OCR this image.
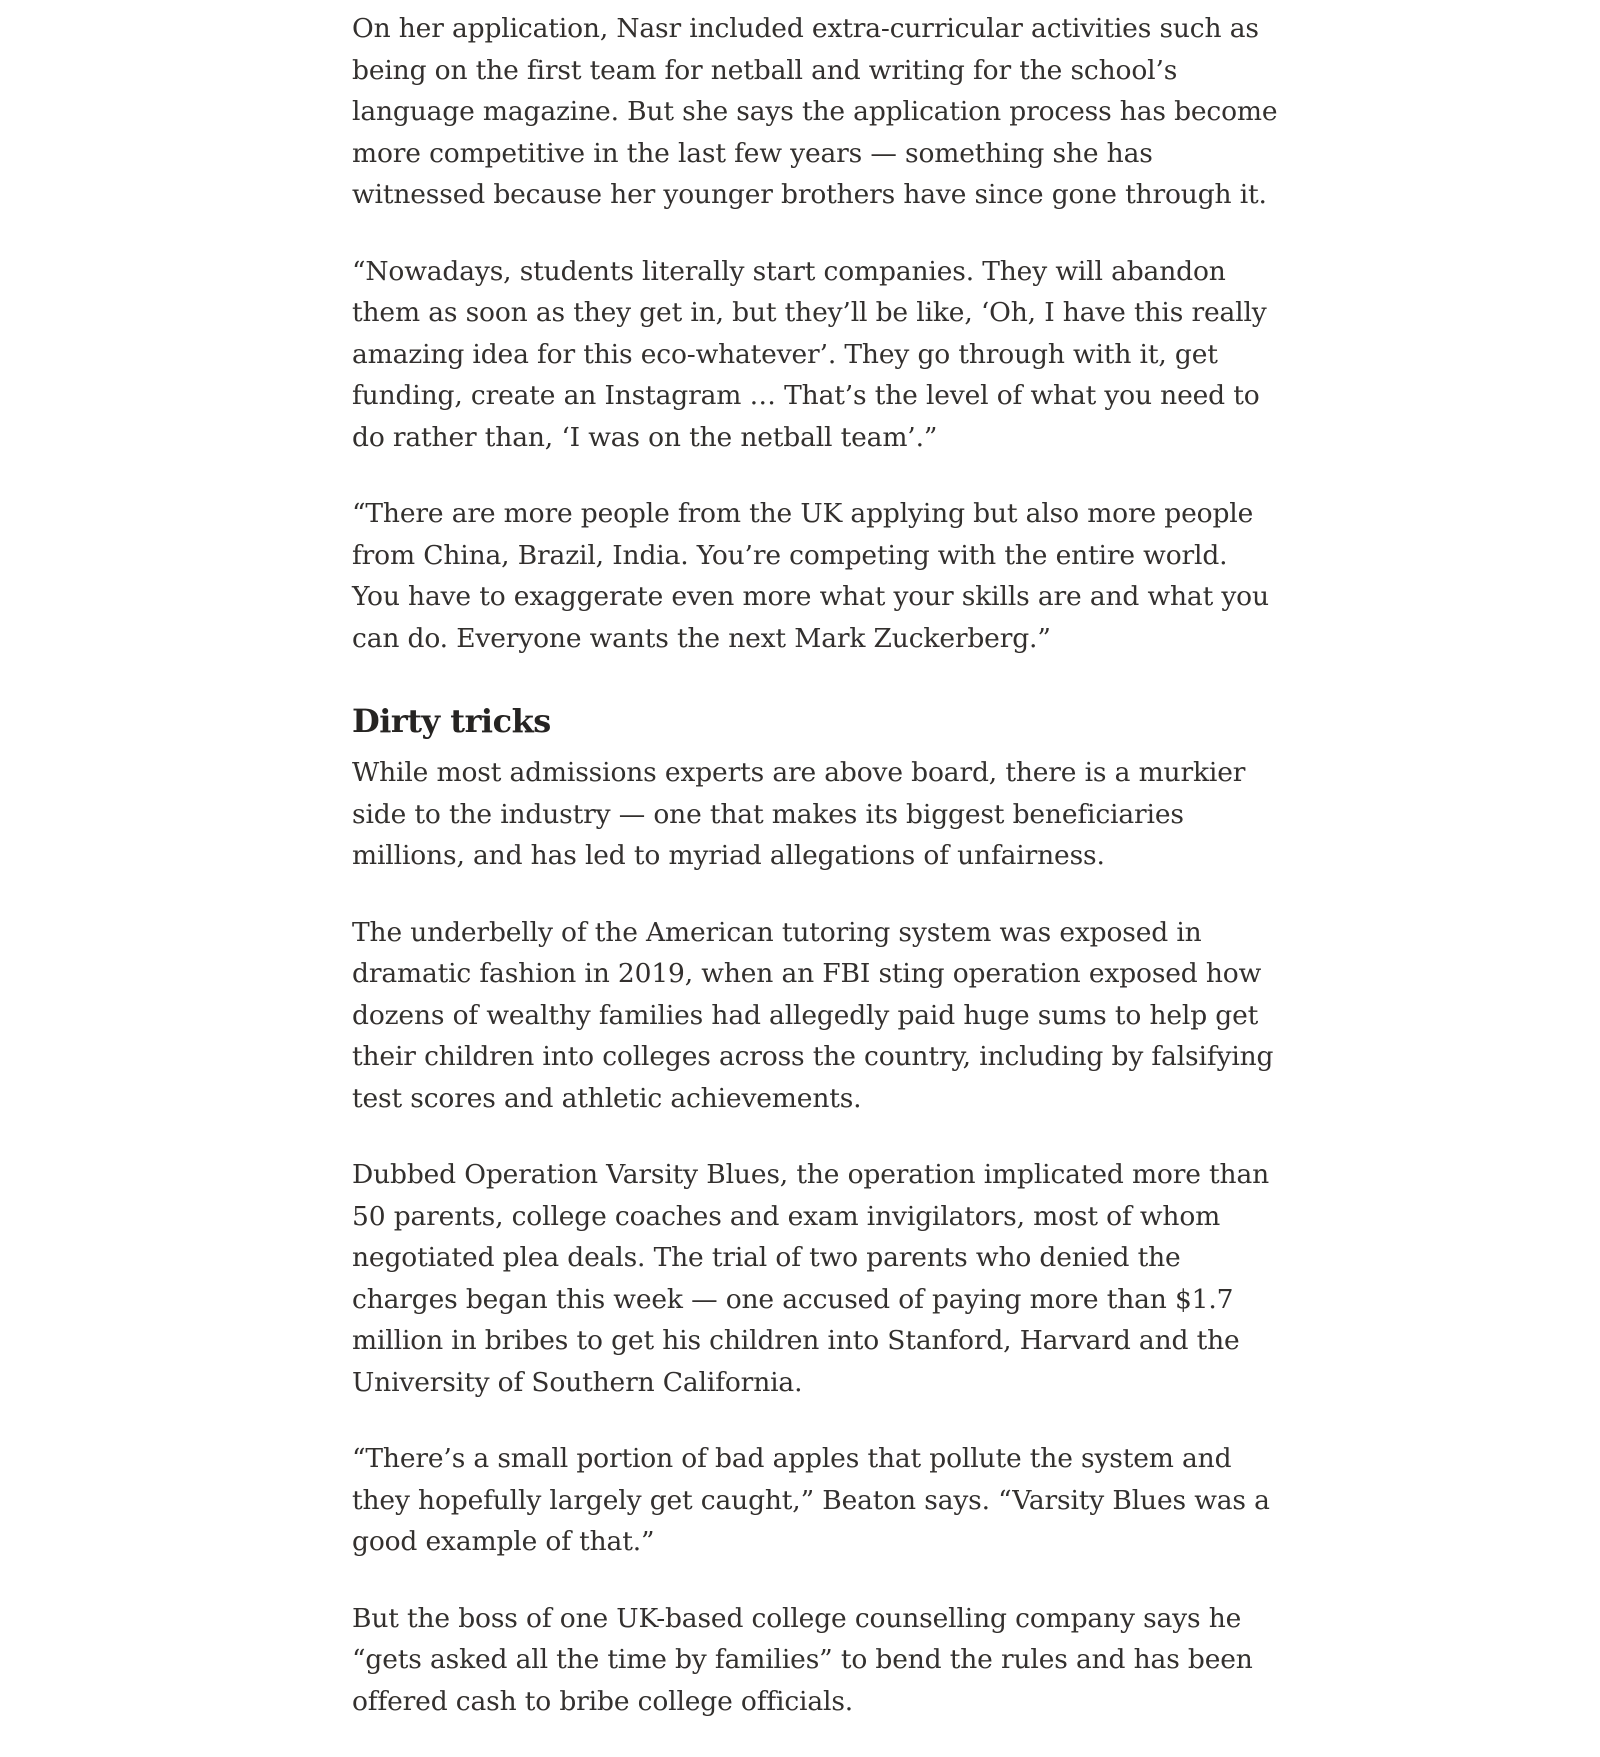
On her application, Nasr included extra-curricular activities such as being on the first team for netball and writing for the school’s language magazine. But she says the application process has become more competitive in the last few years — something she has witnessed because her younger brothers have since gone through it.

“Nowadays, students literally start companies. They will abandon them as soon as they get in, but they’ll be like, ‘Oh, I have this really amazing idea for this eco-whatever’. They go through with it, get funding, create an Instagram … That’s the level of what you need to do rather than, ‘I was on the netball team’.”

“There are more people from the UK applying but also more people from China, Brazil, India. You’re competing with the entire world. You have to exaggerate even more what your skills are and what you can do. Everyone wants the next Mark Zuckerberg.”

Dirty tricks

While most admissions experts are above board, there is a murkier side to the industry — one that makes its biggest beneficiaries millions, and has led to myriad allegations of unfairness.

The underbelly of the American tutoring system was exposed in dramatic fashion in 2019, when an FBI sting operation exposed how dozens of wealthy families had allegedly paid huge sums to help get their children into colleges across the country, including by falsifying test scores and athletic achievements.

Dubbed Operation Varsity Blues, the operation implicated more than 50 parents, college coaches and exam invigilators, most of whom negotiated plea deals. The trial of two parents who denied the charges began this week — one accused of paying more than $1.7 million in bribes to get his children into Stanford, Harvard and the University of Southern California.

“There’s a small portion of bad apples that pollute the system and they hopefully largely get caught,” Beaton says. “Varsity Blues was a good example of that.”

But the boss of one UK-based college counselling company says he “gets asked all the time by families” to bend the rules and has been offered cash to bribe college officials.
